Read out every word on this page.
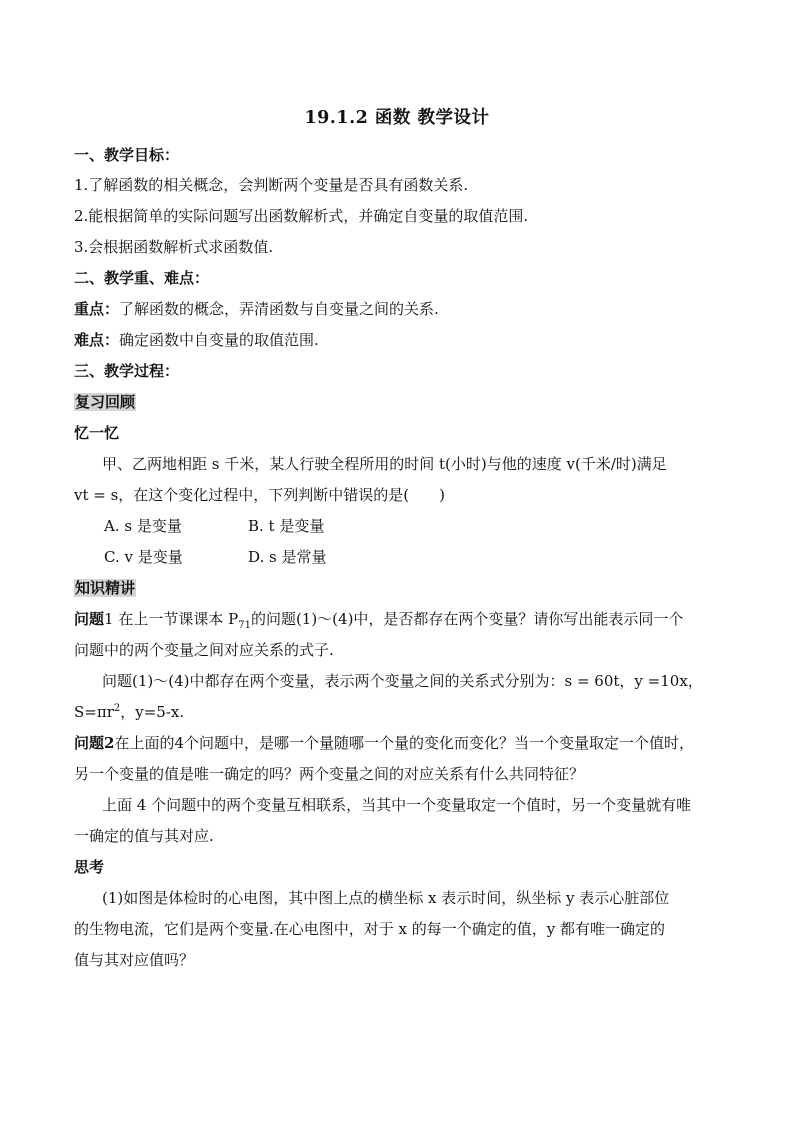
19.1.2 函数 教学设计
一、教学目标：
1.了解函数的相关概念，会判断两个变量是否具有函数关系.
2.能根据简单的实际问题写出函数解析式，并确定自变量的取值范围.
3.会根据函数解析式求函数值.
二、教学重、难点：
重点：了解函数的概念，弄清函数与自变量之间的关系.
难点：确定函数中自变量的取值范围.
三、教学过程：
复习回顾
忆一忆
甲、乙两地相距 s 千米，某人行驶全程所用的时间 t(小时)与他的速度 v(千米/时)满足
vt = s，在这个变化过程中，下列判断中错误的是(　　)
A. s 是变量	B. t 是变量
C. v 是变量	D. s 是常量
知识精讲
问题1 在上一节课课本 $P_{71}$的问题(1)～(4)中，是否都存在两个变量？请你写出能表示同一个
问题中的两个变量之间对应关系的式子.
问题(1)～(4)中都存在两个变量，表示两个变量之间的关系式分别为：s = 60t，y =10x，
$S=\pi r^2$，y=5-x.
问题2在上面的4个问题中，是哪一个量随哪一个量的变化而变化？当一个变量取定一个值时，
另一个变量的值是唯一确定的吗？两个变量之间的对应关系有什么共同特征？
上面 4 个问题中的两个变量互相联系，当其中一个变量取定一个值时，另一个变量就有唯
一确定的值与其对应.
思考
(1)如图是体检时的心电图，其中图上点的横坐标 x 表示时间，纵坐标 y 表示心脏部位
的生物电流，它们是两个变量.在心电图中，对于 x 的每一个确定的值，y 都有唯一确定的
值与其对应值吗？
